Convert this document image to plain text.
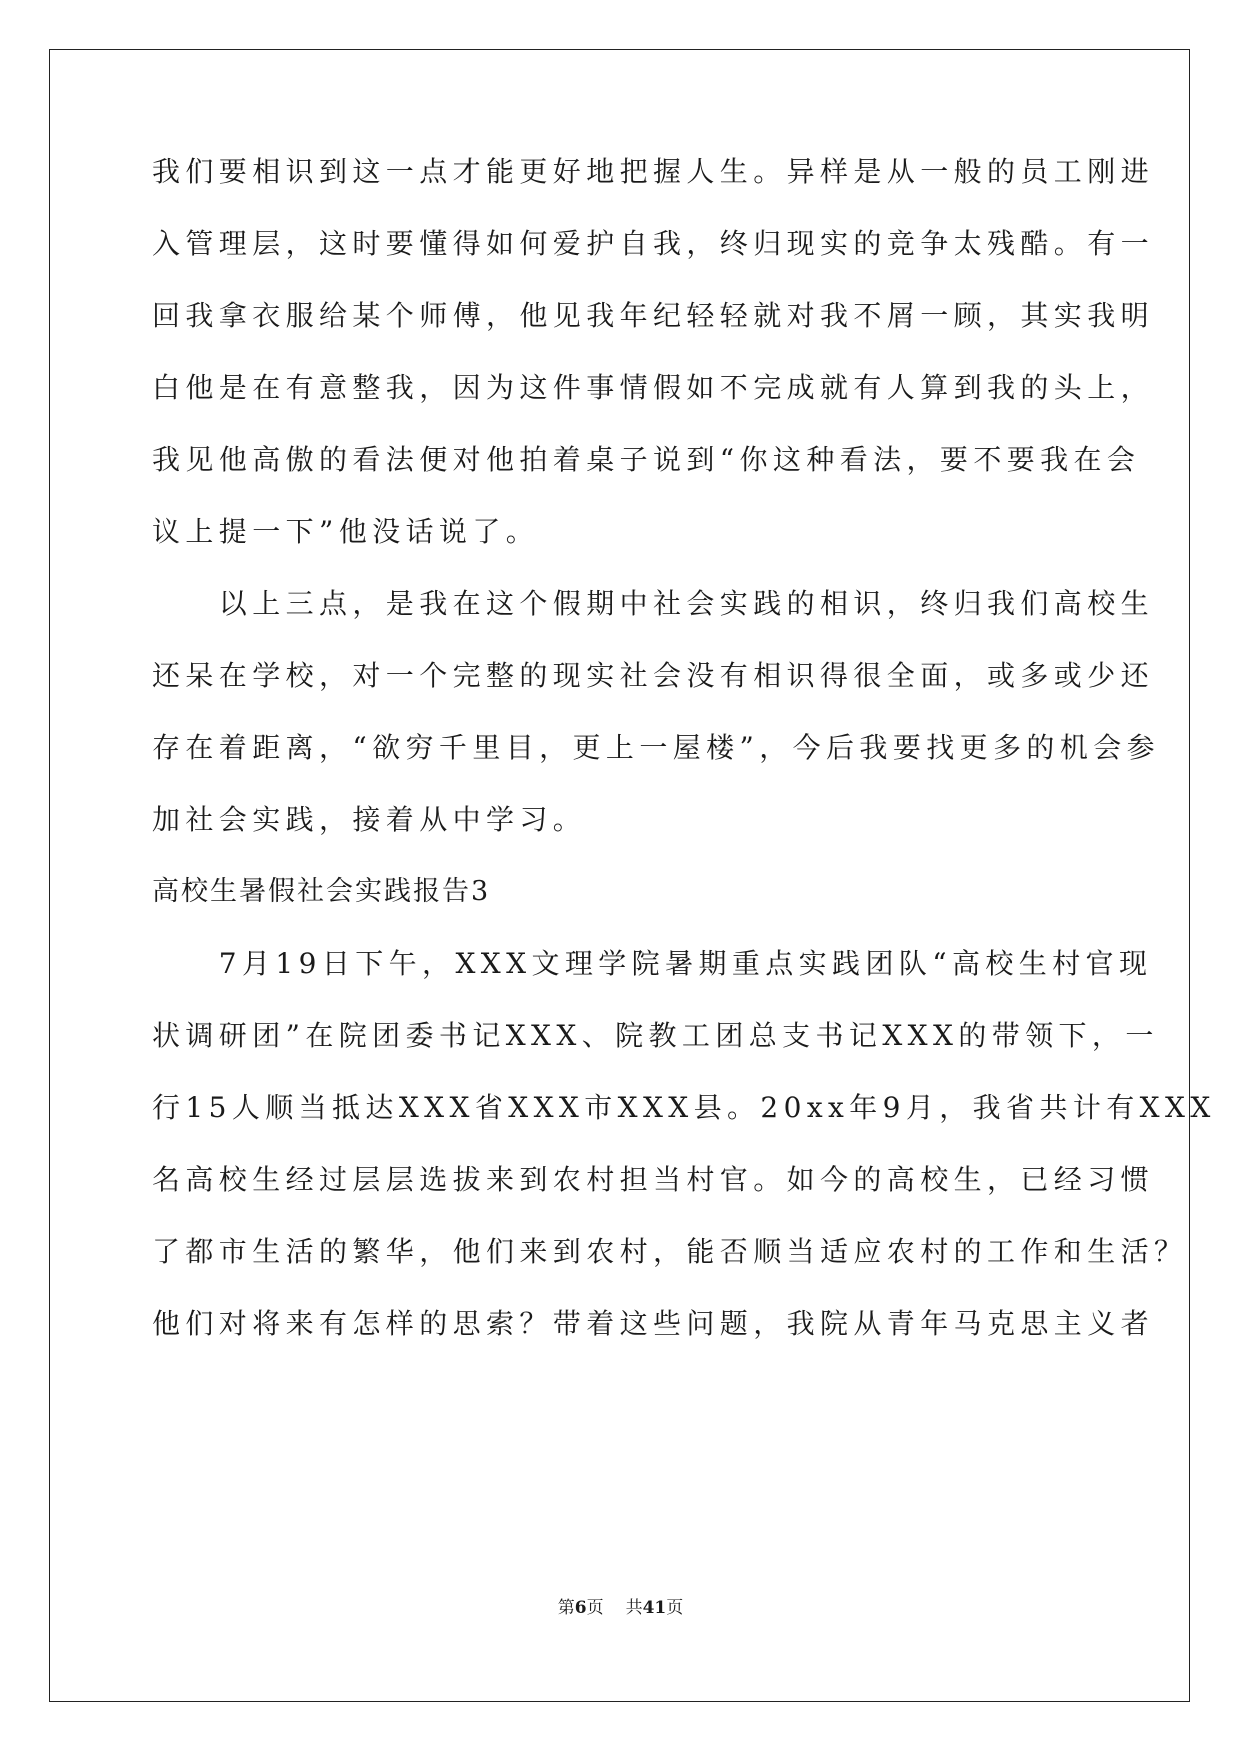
我们要相识到这一点才能更好地把握人生。异样是从一般的员工刚进
入管理层，这时要懂得如何爱护自我，终归现实的竞争太残酷。有一
回我拿衣服给某个师傅，他见我年纪轻轻就对我不屑一顾，其实我明
白他是在有意整我，因为这件事情假如不完成就有人算到我的头上，
我见他高傲的看法便对他拍着桌子说到“你这种看法，要不要我在会
议上提一下”他没话说了。
　　以上三点，是我在这个假期中社会实践的相识，终归我们高校生
还呆在学校，对一个完整的现实社会没有相识得很全面，或多或少还
存在着距离，“欲穷千里目，更上一屋楼”，今后我要找更多的机会参
加社会实践，接着从中学习。
高校生暑假社会实践报告3
　　7月19日下午，XXX文理学院暑期重点实践团队“高校生村官现
状调研团”在院团委书记XXX、院教工团总支书记XXX的带领下，一
行15人顺当抵达XXX省XXX市XXX县。20xx年9月，我省共计有XXX
名高校生经过层层选拔来到农村担当村官。如今的高校生，已经习惯
了都市生活的繁华，他们来到农村，能否顺当适应农村的工作和生活？
他们对将来有怎样的思索？带着这些问题，我院从青年马克思主义者
第6页 共41页
